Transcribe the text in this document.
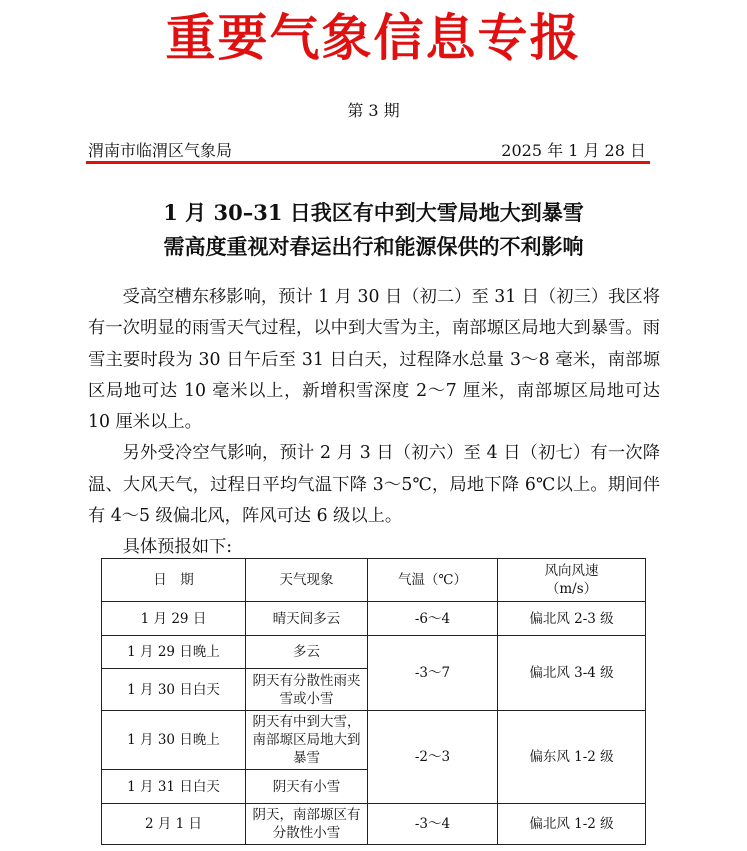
重要气象信息专报
第 3 期
渭南市临渭区气象局	2025 年 1 月 28 日
1 月 30–31 日我区有中到大雪局地大到暴雪
需高度重视对春运出行和能源保供的不利影响

受高空槽东移影响，预计 1 月 30 日（初二）至 31 日（初三）我区将有一次明显的雨雪天气过程，以中到大雪为主，南部塬区局地大到暴雪。雨雪主要时段为 30 日午后至 31 日白天，过程降水总量 3～8 毫米，南部塬区局地可达 10 毫米以上，新增积雪深度 2～7 厘米，南部塬区局地可达 10 厘米以上。

另外受冷空气影响，预计 2 月 3 日（初六）至 4 日（初七）有一次降温、大风天气，过程日平均气温下降 3～5℃，局地下降 6℃以上。期间伴有 4～5 级偏北风，阵风可达 6 级以上。

具体预报如下:

日　期	天气现象	气温（℃）	风向风速
（m/s）

1 月 29 日	晴天间多云	-6～4	偏北风 2-3 级
1 月 29 日晚上	多云	-3～7	偏北风 3-4 级
1 月 30 日白天	阴天有分散性雨夹雪或小雪		
1 月 30 日晚上	阴天有中到大雪，南部塬区局地大到暴雪	-2～3	偏东风 1-2 级
1 月 31 日白天	阴天有小雪		
2 月 1 日	阴天，南部塬区有分散性小雪	-3～4	偏北风 1-2 级
